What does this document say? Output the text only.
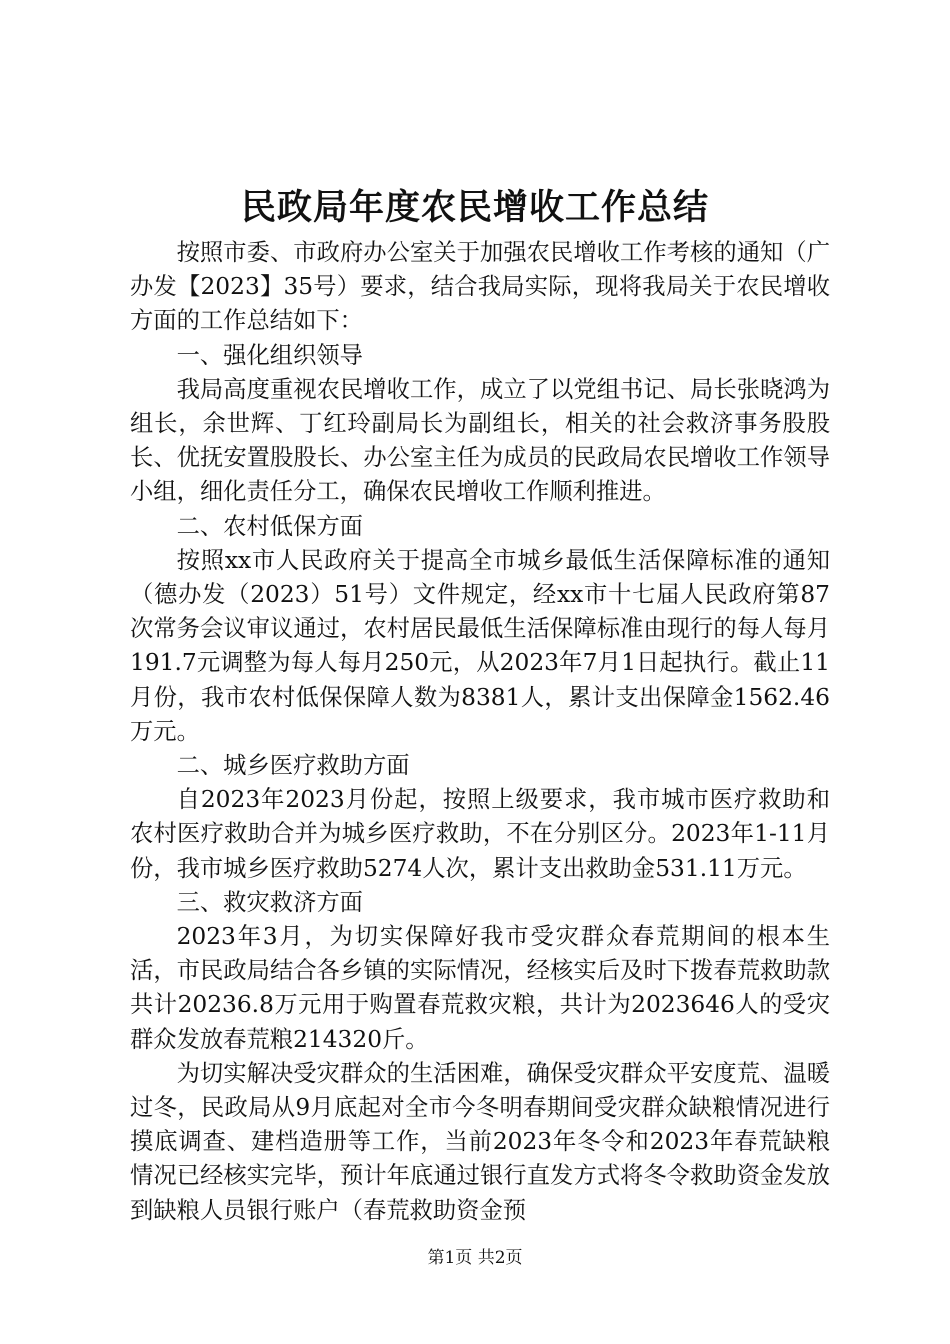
民政局年度农民增收工作总结

按照市委、市政府办公室关于加强农民增收工作考核的通知（广办发【2023】35号）要求，结合我局实际，现将我局关于农民增收方面的工作总结如下：

一、强化组织领导

我局高度重视农民增收工作，成立了以党组书记、局长张晓鸿为组长，余世辉、丁红玲副局长为副组长，相关的社会救济事务股股长、优抚安置股股长、办公室主任为成员的民政局农民增收工作领导小组，细化责任分工，确保农民增收工作顺利推进。

二、农村低保方面

按照xx市人民政府关于提高全市城乡最低生活保障标准的通知（德办发（2023）51号）文件规定，经xx市十七届人民政府第87次常务会议审议通过，农村居民最低生活保障标准由现行的每人每月191.7元调整为每人每月250元，从2023年7月1日起执行。截止11月份，我市农村低保保障人数为8381人，累计支出保障金1562.46万元。

二、城乡医疗救助方面

自2023年2023月份起，按照上级要求，我市城市医疗救助和农村医疗救助合并为城乡医疗救助，不在分别区分。2023年1-11月份，我市城乡医疗救助5274人次，累计支出救助金531.11万元。

三、救灾救济方面

2023年3月，为切实保障好我市受灾群众春荒期间的根本生活，市民政局结合各乡镇的实际情况，经核实后及时下拨春荒救助款共计20236.8万元用于购置春荒救灾粮，共计为2023646人的受灾群众发放春荒粮214320斤。

为切实解决受灾群众的生活困难，确保受灾群众平安度荒、温暖过冬，民政局从9月底起对全市今冬明春期间受灾群众缺粮情况进行摸底调查、建档造册等工作，当前2023年冬令和2023年春荒缺粮情况已经核实完毕，预计年底通过银行直发方式将冬令救助资金发放到缺粮人员银行账户（春荒救助资金预

第1页 共2页
